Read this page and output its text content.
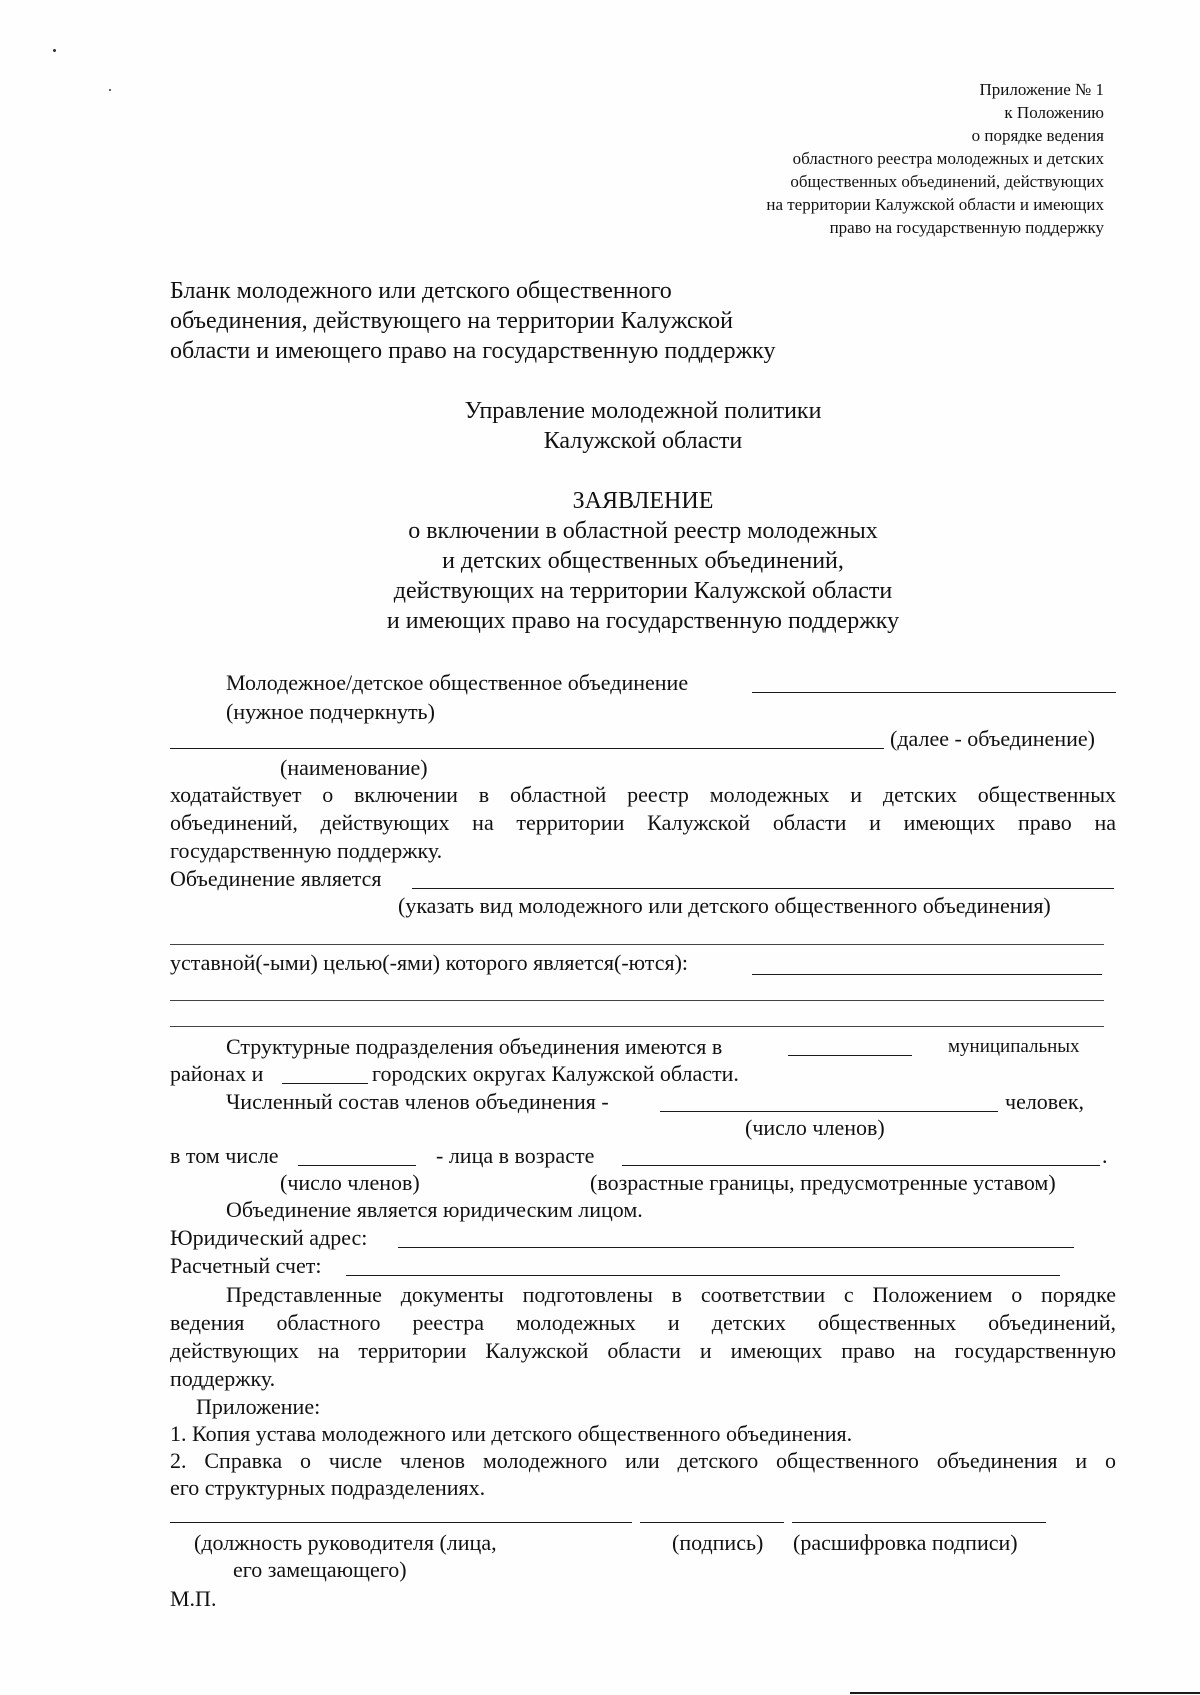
Приложение № 1
к Положению
о порядке ведения
областного реестра молодежных и детских
общественных объединений, действующих
на территории Калужской области и имеющих
право на государственную поддержку
Бланк молодежного или детского общественного
объединения, действующего на территории Калужской
области и имеющего право на государственную поддержку
Управление молодежной политики
Калужской области
ЗАЯВЛЕНИЕ
о включении в областной реестр молодежных
и детских общественных объединений,
действующих на территории Калужской области
и имеющих право на государственную поддержку
Молодежное/детское общественное объединение
(нужное подчеркнуть)
(далее - объединение)
(наименование)
ходатайствует о включении в областной реестр молодежных и детских общественных
объединений, действующих на территории Калужской области и имеющих право на
государственную поддержку.
Объединение является
(указать вид молодежного или детского общественного объединения)
уставной(-ыми) целью(-ями) которого является(-ются):
Структурные подразделения объединения имеются в	муниципальных
районах и	городских округах Калужской области.
Численный состав членов объединения -	человек,
(число членов)
в том числе	- лица в возрасте	.
(число членов)	(возрастные границы, предусмотренные уставом)
Объединение является юридическим лицом.
Юридический адрес:
Расчетный счет:
Представленные документы подготовлены в соответствии с Положением о порядке
ведения областного реестра молодежных и детских общественных объединений,
действующих на территории Калужской области и имеющих право на государственную
поддержку.
Приложение:
1. Копия устава молодежного или детского общественного объединения.
2. Справка о числе членов молодежного или детского общественного объединения и о
его структурных подразделениях.
(должность руководителя (лица,	(подпись) (расшифровка подписи)
его замещающего)
М.П.
